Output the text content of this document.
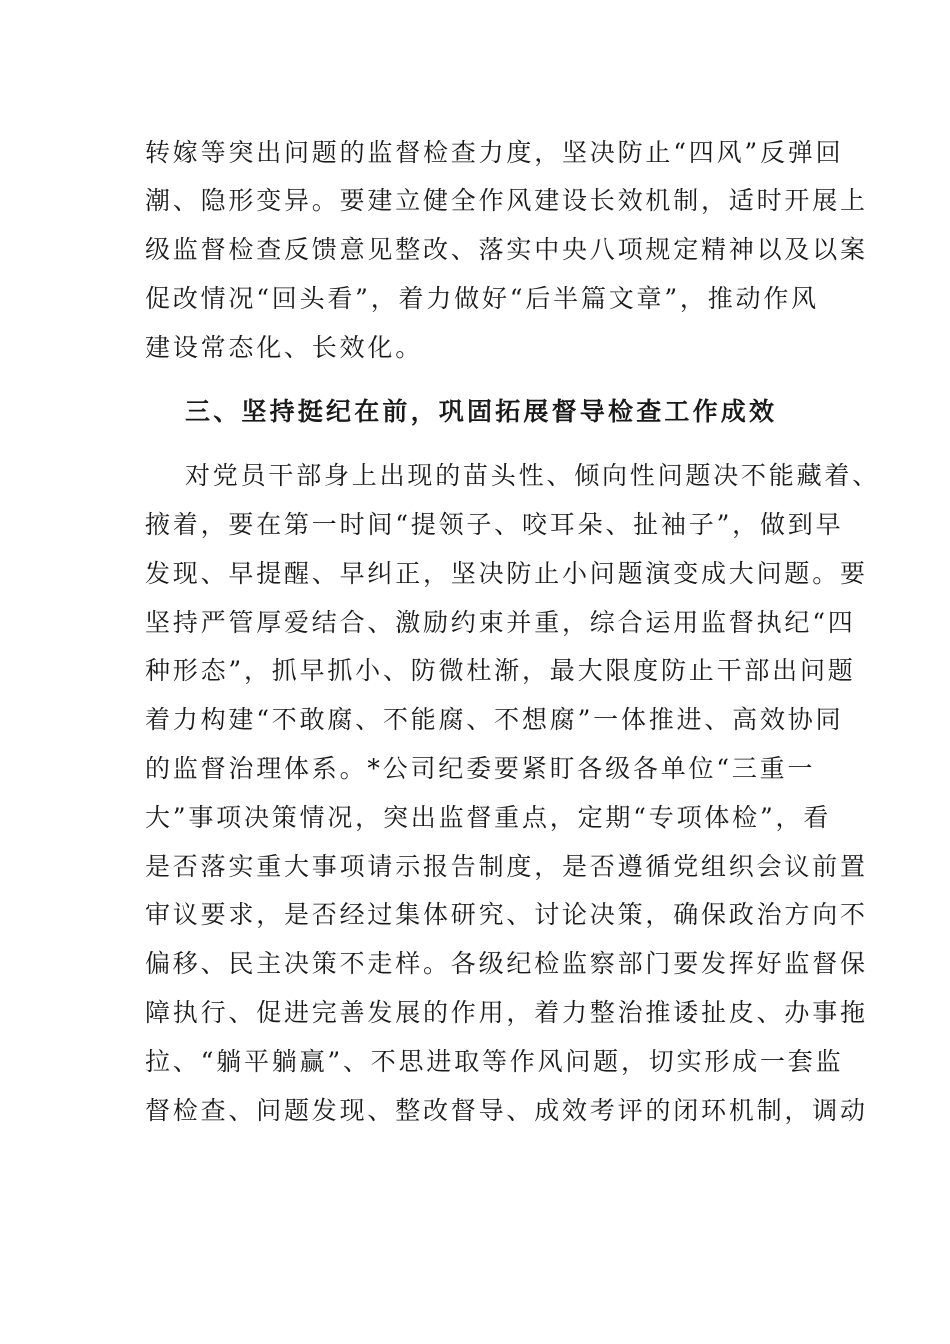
转嫁等突出问题的监督检查力度，坚决防止“四风”反弹回
潮、隐形变异。要建立健全作风建设长效机制，适时开展上
级监督检查反馈意见整改、落实中央八项规定精神以及以案
促改情况“回头看”，着力做好“后半篇文章”，推动作风
建设常态化、长效化。
三、坚持挺纪在前，巩固拓展督导检查工作成效
对党员干部身上出现的苗头性、倾向性问题决不能藏着、
掖着，要在第一时间“提领子、咬耳朵、扯袖子”，做到早
发现、早提醒、早纠正，坚决防止小问题演变成大问题。要
坚持严管厚爱结合、激励约束并重，综合运用监督执纪“四
种形态”，抓早抓小、防微杜渐，最大限度防止干部出问题
着力构建“不敢腐、不能腐、不想腐”一体推进、高效协同
的监督治理体系。*公司纪委要紧盯各级各单位“三重一
大”事项决策情况，突出监督重点，定期“专项体检”，看
是否落实重大事项请示报告制度，是否遵循党组织会议前置
审议要求，是否经过集体研究、讨论决策，确保政治方向不
偏移、民主决策不走样。各级纪检监察部门要发挥好监督保
障执行、促进完善发展的作用，着力整治推诿扯皮、办事拖
拉、“躺平躺赢”、不思进取等作风问题，切实形成一套监
督检查、问题发现、整改督导、成效考评的闭环机制，调动
